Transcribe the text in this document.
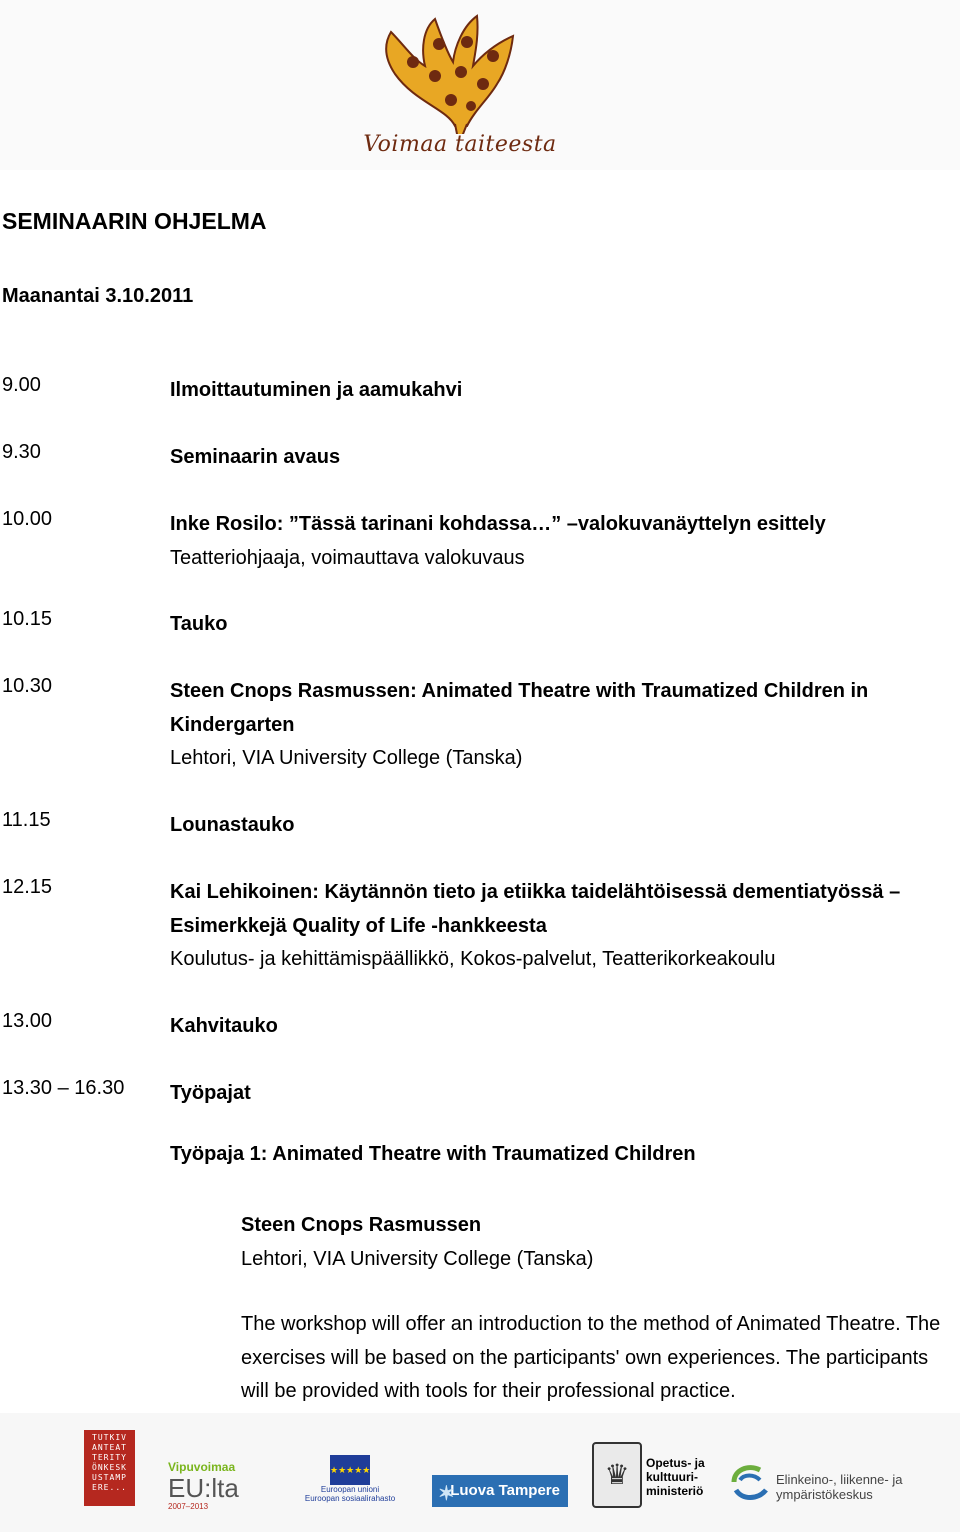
Voimaa taiteesta
SEMINAARIN OHJELMA
Maanantai 3.10.2011
9.00	Ilmoittautuminen ja aamukahvi
9.30	Seminaarin avaus
10.00	Inke Rosilo: ”Tässä tarinani kohdassa…” –valokuvanäyttelyn esittely
Teatteriohjaaja, voimauttava valokuvaus
10.15	Tauko
10.30	Steen Cnops Rasmussen: Animated Theatre with Traumatized Children in Kindergarten
Lehtori, VIA University College (Tanska)
11.15	Lounastauko
12.15	Kai Lehikoinen: Käytännön tieto ja etiikka taidelähtöisessä dementiatyössä – Esimerkkejä Quality of Life -hankkeesta
Koulutus- ja kehittämispäällikkö, Kokos-palvelut, Teatterikorkeakoulu
13.00	Kahvitauko
13.30 – 16.30 Työpajat
Työpaja 1: Animated Theatre with Traumatized Children
Steen Cnops Rasmussen
Lehtori, VIA University College (Tanska)
The workshop will offer an introduction to the method of Animated Theatre. The exercises will be based on the participants' own experiences. The participants will be provided with tools for their professional practice.
TUTKIV ANTEAT TERITY ÖNKESK USTAMP ERE...
Vipuvoimaa
EU:lta
2007–2013
★★★★★
Euroopan unioni
Euroopan sosiaalirahasto ✶
Luova Tampere
♛	Opetus- ja kulttuuri-ministeriö
Elinkeino-, liikenne- ja ympäristökeskus
